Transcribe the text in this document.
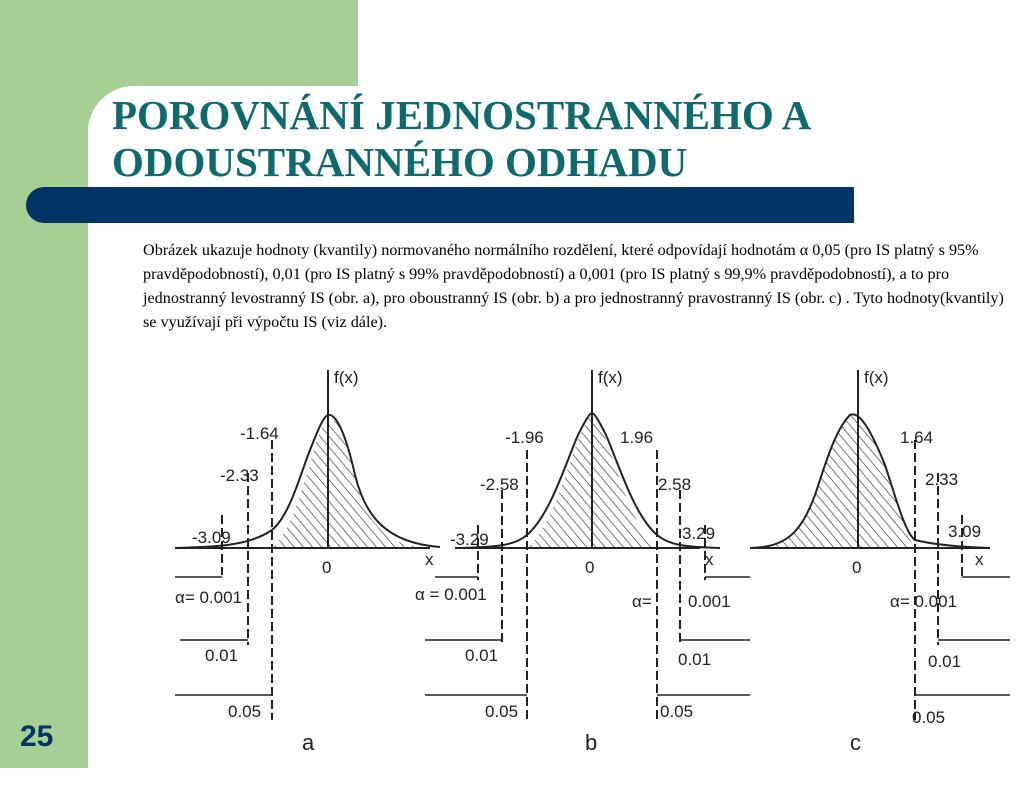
POROVNÁNÍ JEDNOSTRANNÉHO A
ODOUSTRANNÉHO ODHADU

Obrázek ukazuje hodnoty (kvantily) normovaného normálního rozdělení, které odpovídají hodnotám α 0,05 (pro IS platný s 95% pravděpodobností), 0,01 (pro IS platný s 99% pravděpodobností) a 0,001 (pro IS platný s 99,9% pravděpodobností), a to pro jednostranný levostranný IS (obr. a), pro oboustranný IS (obr. b) a pro jednostranný pravostranný IS (obr. c) . Tyto hodnoty(kvantily) se využívají při výpočtu IS (viz dále).

25
f(x)
-1.64
-2.33
-3.09
x
0
α= 0.001
0.01
0.05
a
f(x)
-1.96	1.96
-2.58	2.58
-3.29	3.29
x
0
α = 0.001	α= 0.001
0.01	0.01
0.05	0.05
b
f(x)
1.64
2.33
3.09
x
0
α= 0.001
0.01
0.05
c
